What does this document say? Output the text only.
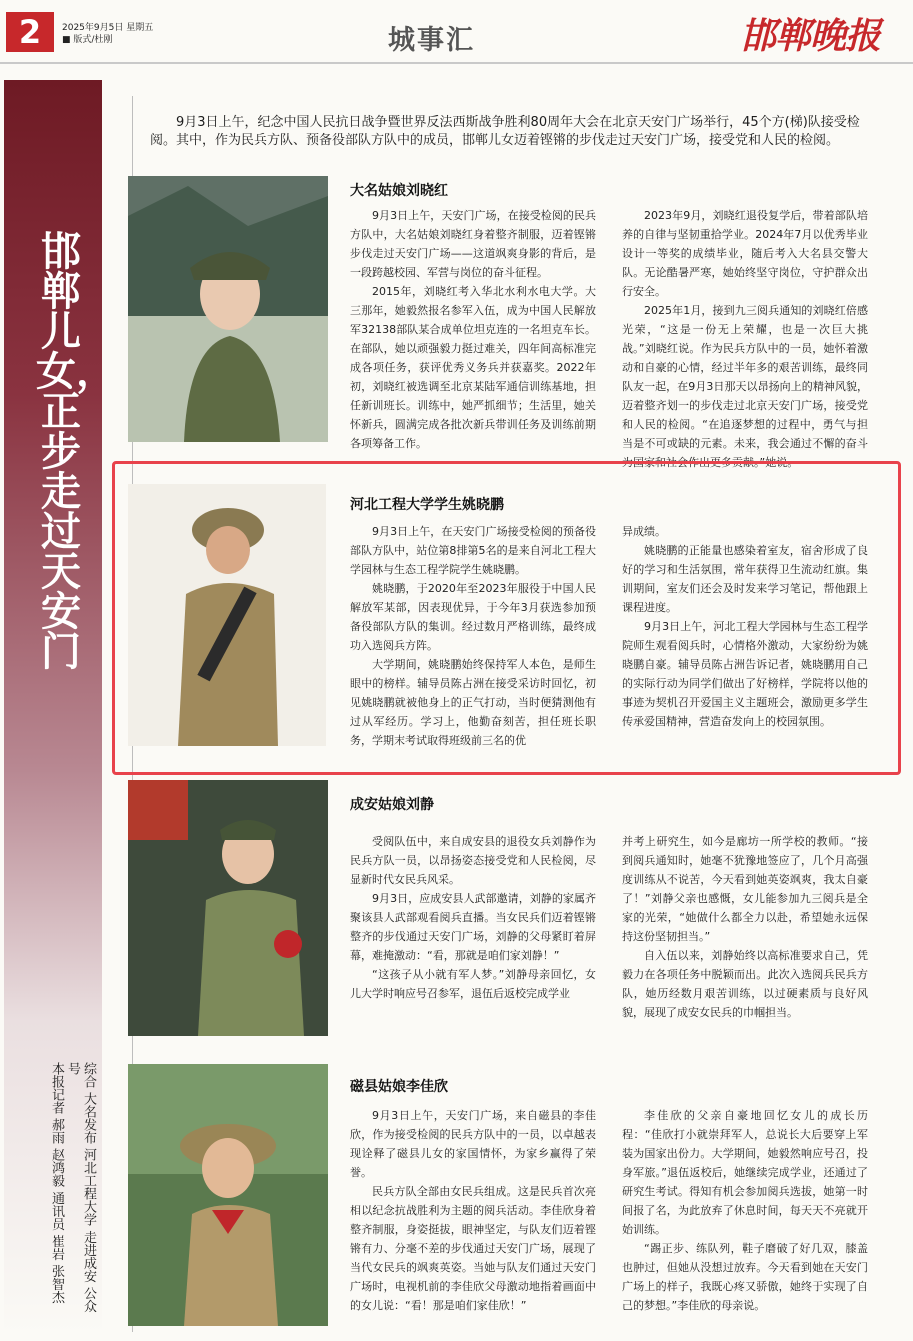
2	2025年9月5日 星期五
■ 版式/杜刚	城事汇	邯郸晚报
邯郸儿女，正步走过天安门
综合 大名发布 河北工程大学 走进成安 公众号
本报记者 郝雨 赵鸿毅 通讯员 崔岩 张智杰
9月3日上午，纪念中国人民抗日战争暨世界反法西斯战争胜利80周年大会在北京天安门广场举行，45个方(梯)队接受检阅。其中，作为民兵方队、预备役部队方队中的成员，邯郸儿女迈着铿锵的步伐走过天安门广场，接受党和人民的检阅。
大名姑娘刘晓红

9月3日上午，天安门广场，在接受检阅的民兵方队中，大名姑娘刘晓红身着整齐制服，迈着铿锵步伐走过天安门广场——这道飒爽身影的背后，是一段跨越校园、军营与岗位的奋斗征程。

2015年，刘晓红考入华北水利水电大学。大三那年，她毅然报名参军入伍，成为中国人民解放军32138部队某合成单位坦克连的一名坦克车长。在部队，她以顽强毅力挺过难关，四年间高标准完成各项任务，获评优秀义务兵并获嘉奖。2022年初，刘晓红被选调至北京某陆军通信训练基地，担任新训班长。训练中，她严抓细节；生活里，她关怀新兵，圆满完成各批次新兵带训任务及训练前期各项筹备工作。

2023年9月，刘晓红退役复学后，带着部队培养的自律与坚韧重拾学业。2024年7月以优秀毕业设计一等奖的成绩毕业，随后考入大名县交警大队。无论酷暑严寒，她始终坚守岗位，守护群众出行安全。

2025年1月，接到九三阅兵通知的刘晓红倍感光荣，“这是一份无上荣耀，也是一次巨大挑战。”刘晓红说。作为民兵方队中的一员，她怀着激动和自豪的心情，经过半年多的艰苦训练，最终同队友一起，在9月3日那天以昂扬向上的精神风貌，迈着整齐划一的步伐走过北京天安门广场，接受党和人民的检阅。“在追逐梦想的过程中，勇气与担当是不可或缺的元素。未来，我会通过不懈的奋斗为国家和社会作出更多贡献。”她说。

河北工程大学学生姚晓鹏

9月3日上午，在天安门广场接受检阅的预备役部队方队中，站位第8排第5名的是来自河北工程大学园林与生态工程学院学生姚晓鹏。

姚晓鹏，于2020年至2023年服役于中国人民解放军某部，因表现优异，于今年3月获选参加预备役部队方队的集训。经过数月严格训练，最终成功入选阅兵方阵。

大学期间，姚晓鹏始终保持军人本色，是师生眼中的榜样。辅导员陈占洲在接受采访时回忆，初见姚晓鹏就被他身上的正气打动，当时便猜测他有过从军经历。学习上，他勤奋刻苦，担任班长职务，学期末考试取得班级前三名的优

异成绩。

姚晓鹏的正能量也感染着室友，宿舍形成了良好的学习和生活氛围，常年获得卫生流动红旗。集训期间，室友们还会及时发来学习笔记，帮他跟上课程进度。

9月3日上午，河北工程大学园林与生态工程学院师生观看阅兵时，心情格外激动，大家纷纷为姚晓鹏自豪。辅导员陈占洲告诉记者，姚晓鹏用自己的实际行动为同学们做出了好榜样，学院将以他的事迹为契机召开爱国主义主题班会，激励更多学生传承爱国精神，营造奋发向上的校园氛围。

成安姑娘刘静

受阅队伍中，来自成安县的退役女兵刘静作为民兵方队一员，以昂扬姿态接受党和人民检阅，尽显新时代女民兵风采。

9月3日，应成安县人武部邀请，刘静的家属齐聚该县人武部观看阅兵直播。当女民兵们迈着铿锵整齐的步伐通过天安门广场，刘静的父母紧盯着屏幕，难掩激动：“看，那就是咱们家刘静！”

“这孩子从小就有军人梦。”刘静母亲回忆，女儿大学时响应号召参军，退伍后返校完成学业

并考上研究生，如今是廊坊一所学校的教师。“接到阅兵通知时，她毫不犹豫地签应了，几个月高强度训练从不说苦，今天看到她英姿飒爽，我太自豪了！”刘静父亲也感慨，女儿能参加九三阅兵是全家的光荣，“她做什么都全力以赴，希望她永远保持这份坚韧担当。”

自入伍以来，刘静始终以高标准要求自己，凭毅力在各项任务中脱颖而出。此次入选阅兵民兵方队，她历经数月艰苦训练，以过硬素质与良好风貌，展现了成安女民兵的巾帼担当。

磁县姑娘李佳欣

9月3日上午，天安门广场，来自磁县的李佳欣，作为接受检阅的民兵方队中的一员，以卓越表现诠释了磁县儿女的家国情怀，为家乡赢得了荣誉。

民兵方队全部由女民兵组成。这是民兵首次亮相以纪念抗战胜利为主题的阅兵活动。李佳欣身着整齐制服，身姿挺拔，眼神坚定，与队友们迈着铿锵有力、分毫不差的步伐通过天安门广场，展现了当代女民兵的飒爽英姿。当她与队友们通过天安门广场时，电视机前的李佳欣父母激动地指着画面中的女儿说：“看！那是咱们家佳欣！”

李佳欣的父亲自豪地回忆女儿的成长历程：“佳欣打小就崇拜军人，总说长大后要穿上军装为国家出份力。大学期间，她毅然响应号召，投身军旅。”退伍返校后，她继续完成学业，还通过了研究生考试。得知有机会参加阅兵选拔，她第一时间报了名，为此放弃了休息时间，每天天不亮就开始训练。

“踢正步、练队列，鞋子磨破了好几双，膝盖也肿过，但她从没想过放弃。今天看到她在天安门广场上的样子，我既心疼又骄傲，她终于实现了自己的梦想。”李佳欣的母亲说。
